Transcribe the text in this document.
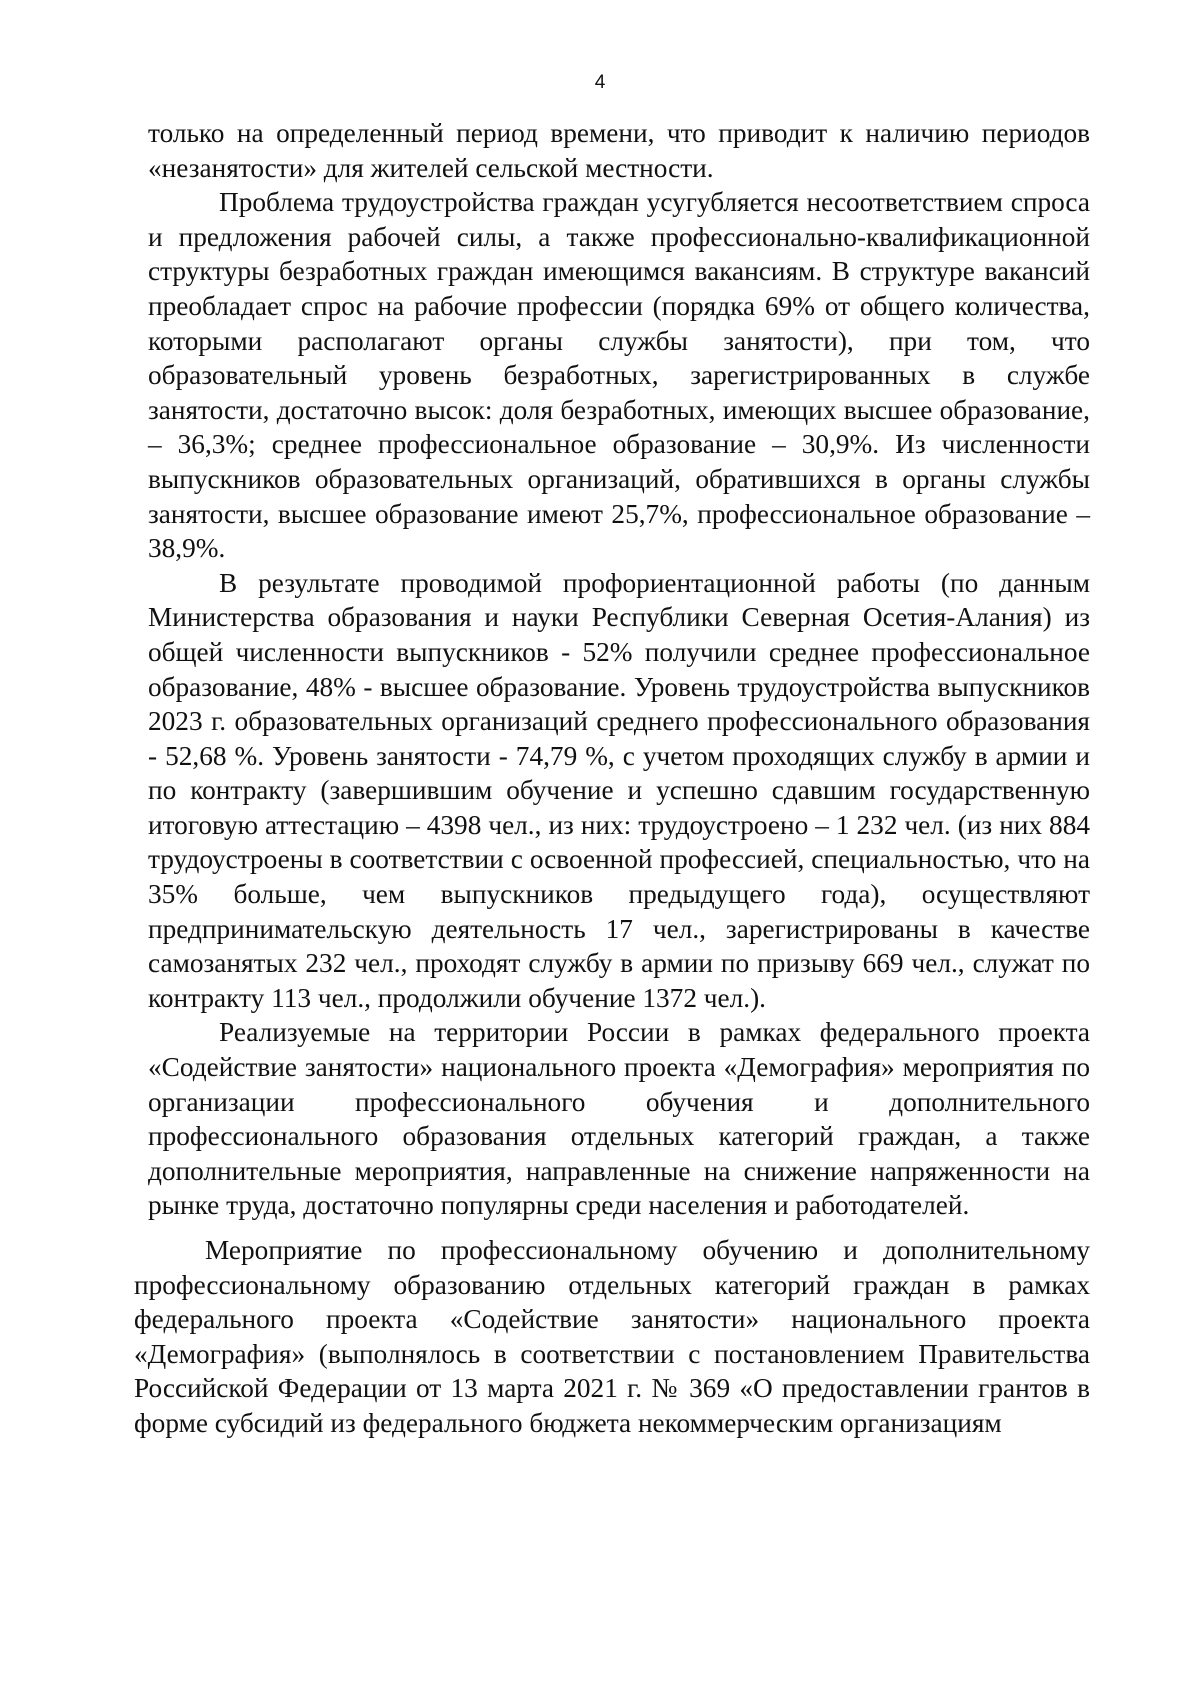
4

только на определенный период времени, что приводит к наличию периодов «незанятости» для жителей сельской местности.

Проблема трудоустройства граждан усугубляется несоответствием спроса и предложения рабочей силы, а также профессионально-квалификационной структуры безработных граждан имеющимся вакансиям. В структуре вакансий преобладает спрос на рабочие профессии (порядка 69% от общего количества, которыми располагают органы службы занятости), при том, что образовательный уровень безработных, зарегистрированных в службе занятости, достаточно высок: доля безработных, имеющих высшее образование, – 36,3%; среднее профессиональное образование – 30,9%. Из численности выпускников образовательных организаций, обратившихся в органы службы занятости, высшее образование имеют 25,7%, профессиональное образование – 38,9%.

В результате проводимой профориентационной работы (по данным Министерства образования и науки Республики Северная Осетия-Алания) из общей численности выпускников - 52% получили среднее профессиональное образование, 48% - высшее образование. Уровень трудоустройства выпускников 2023 г. образовательных организаций среднего профессионального образования - 52,68 %. Уровень занятости - 74,79 %, с учетом проходящих службу в армии и по контракту (завершившим обучение и успешно сдавшим государственную итоговую аттестацию – 4398 чел., из них: трудоустроено – 1 232 чел. (из них 884 трудоустроены в соответствии с освоенной профессией, специальностью, что на 35% больше, чем выпускников предыдущего года), осуществляют предпринимательскую деятельность 17 чел., зарегистрированы в качестве самозанятых 232 чел., проходят службу в армии по призыву 669 чел., служат по контракту 113 чел., продолжили обучение 1372 чел.).

Реализуемые на территории России в рамках федерального проекта «Содействие занятости» национального проекта «Демография» мероприятия по организации профессионального обучения и дополнительного профессионального образования отдельных категорий граждан, а также дополнительные мероприятия, направленные на снижение напряженности на рынке труда, достаточно популярны среди населения и работодателей.

Мероприятие по профессиональному обучению и дополнительному профессиональному образованию отдельных категорий граждан в рамках федерального проекта «Содействие занятости» национального проекта «Демография» (выполнялось в соответствии с постановлением Правительства Российской Федерации от 13 марта 2021 г. № 369 «О предоставлении грантов в форме субсидий из федерального бюджета некоммерческим организациям
